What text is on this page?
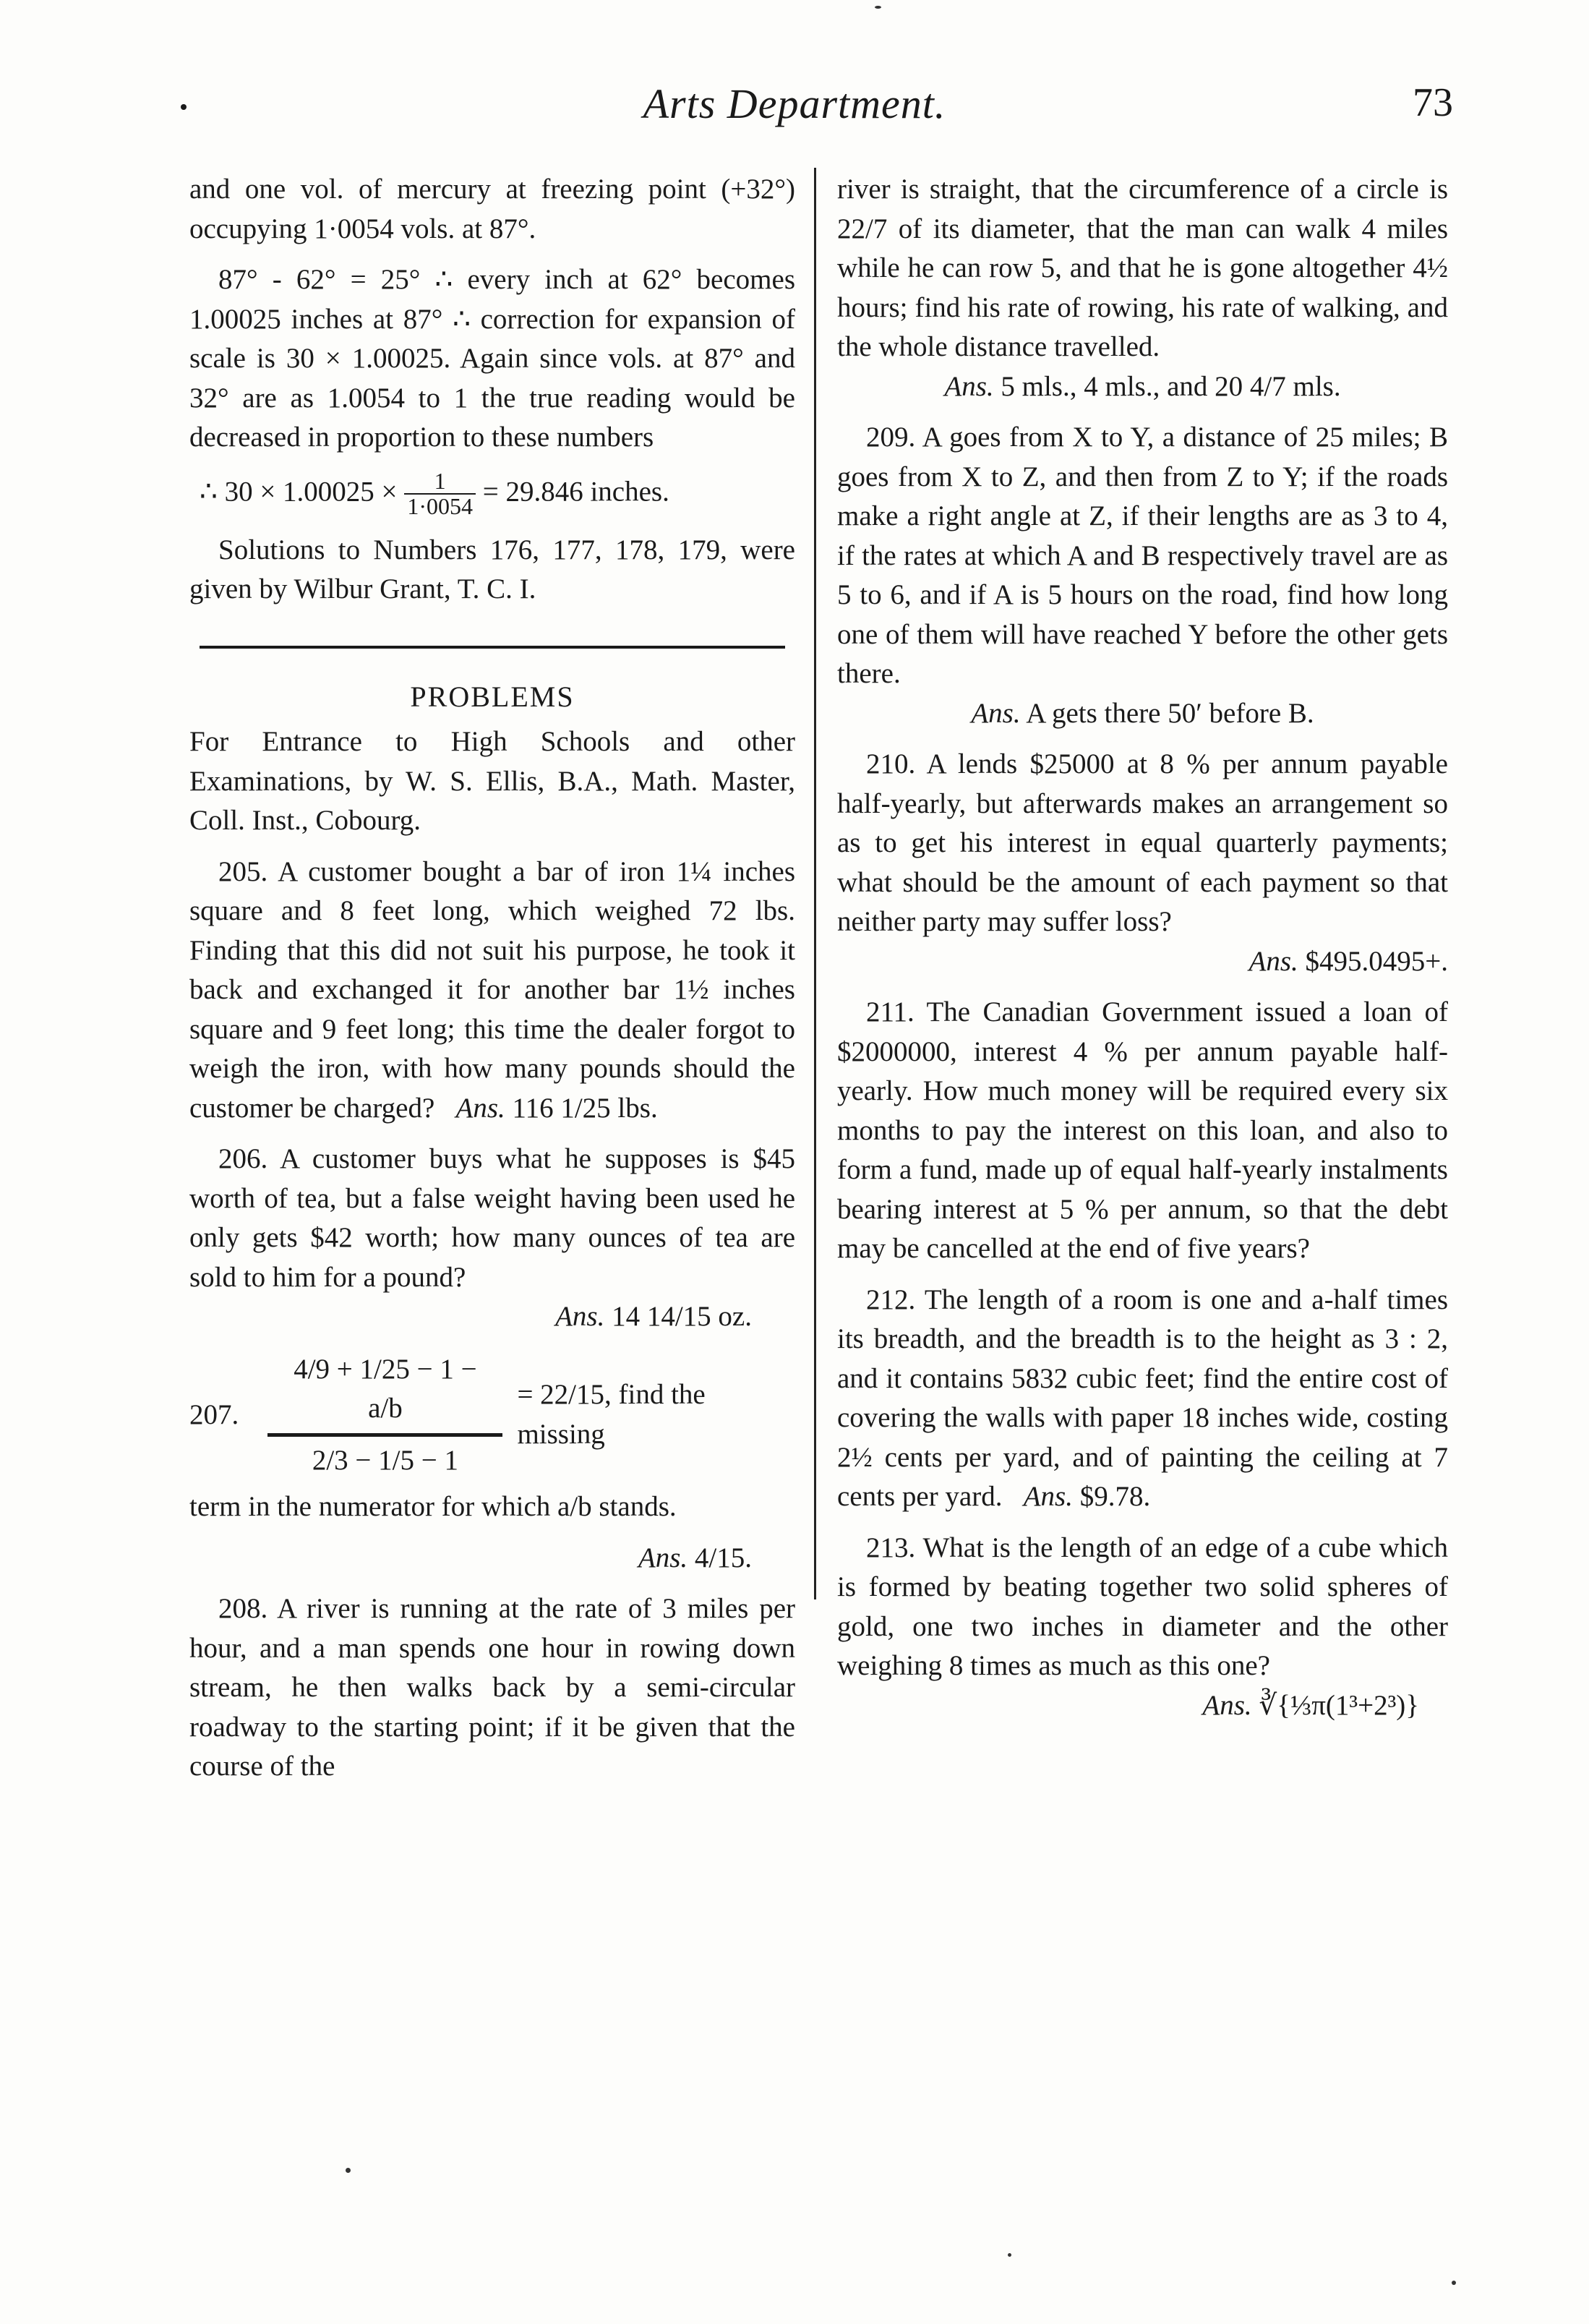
Arts Department.	73

and one vol. of mercury at freezing point (+32°) occupying 1·0054 vols. at 87°.

87° - 62° = 25° ∴ every inch at 62° becomes 1.00025 inches at 87° ∴ correction for expansion of scale is 30 × 1.00025. Again since vols. at 87° and 32° are as 1.0054 to 1 the true reading would be decreased in proportion to these numbers

∴ $30 \times 1.00025 \times \frac{1}{1\cdot 0054} = 29.846$ inches.

Solutions to Numbers 176, 177, 178, 179, were given by Wilbur Grant, T. C. I.

PROBLEMS

For Entrance to High Schools and other Examinations, by W. S. Ellis, B.A., Math. Master, Coll. Inst., Cobourg.

205. A customer bought a bar of iron 1¼ inches square and 8 feet long, which weighed 72 lbs. Finding that this did not suit his purpose, he took it back and exchanged it for another bar 1½ inches square and 9 feet long; this time the dealer forgot to weigh the iron, with how many pounds should the customer be charged? Ans. 116 1/25 lbs.

206. A customer buys what he supposes is $45 worth of tea, but a false weight having been used he only gets $42 worth; how many ounces of tea are sold to him for a pound?

Ans. 14 14/15 oz.

207.	$\frac{4/9 + 1/25 - 1 - a/b}{2/3 - 1/5 - 1} = 22/15$, find the missing

term in the numerator for which a/b stands.

Ans. 4/15.

208. A river is running at the rate of 3 miles per hour, and a man spends one hour in rowing down stream, he then walks back by a semi-circular roadway to the starting point; if it be given that the course of the

river is straight, that the circumference of a circle is 22/7 of its diameter, that the man can walk 4 miles while he can row 5, and that he is gone altogether 4½ hours; find his rate of rowing, his rate of walking, and the whole distance travelled.

Ans. 5 mls., 4 mls., and 20 4/7 mls.

209. A goes from X to Y, a distance of 25 miles; B goes from X to Z, and then from Z to Y; if the roads make a right angle at Z, if their lengths are as 3 to 4, if the rates at which A and B respectively travel are as 5 to 6, and if A is 5 hours on the road, find how long one of them will have reached Y before the other gets there.

Ans. A gets there 50′ before B.

210. A lends $25000 at 8 % per annum payable half-yearly, but afterwards makes an arrangement so as to get his interest in equal quarterly payments; what should be the amount of each payment so that neither party may suffer loss?

Ans. $495.0495+.

211. The Canadian Government issued a loan of $2000000, interest 4 % per annum payable half-yearly. How much money will be required every six months to pay the interest on this loan, and also to form a fund, made up of equal half-yearly instalments bearing interest at 5 % per annum, so that the debt may be cancelled at the end of five years?

212. The length of a room is one and a-half times its breadth, and the breadth is to the height as 3 : 2, and it contains 5832 cubic feet; find the entire cost of covering the walls with paper 18 inches wide, costing 2½ cents per yard, and of painting the ceiling at 7 cents per yard. Ans. $9.78.

213. What is the length of an edge of a cube which is formed by beating together two solid spheres of gold, one two inches in diameter and the other weighing 8 times as much as this one?

Ans. ∛{⅓π(1³+2³)}
